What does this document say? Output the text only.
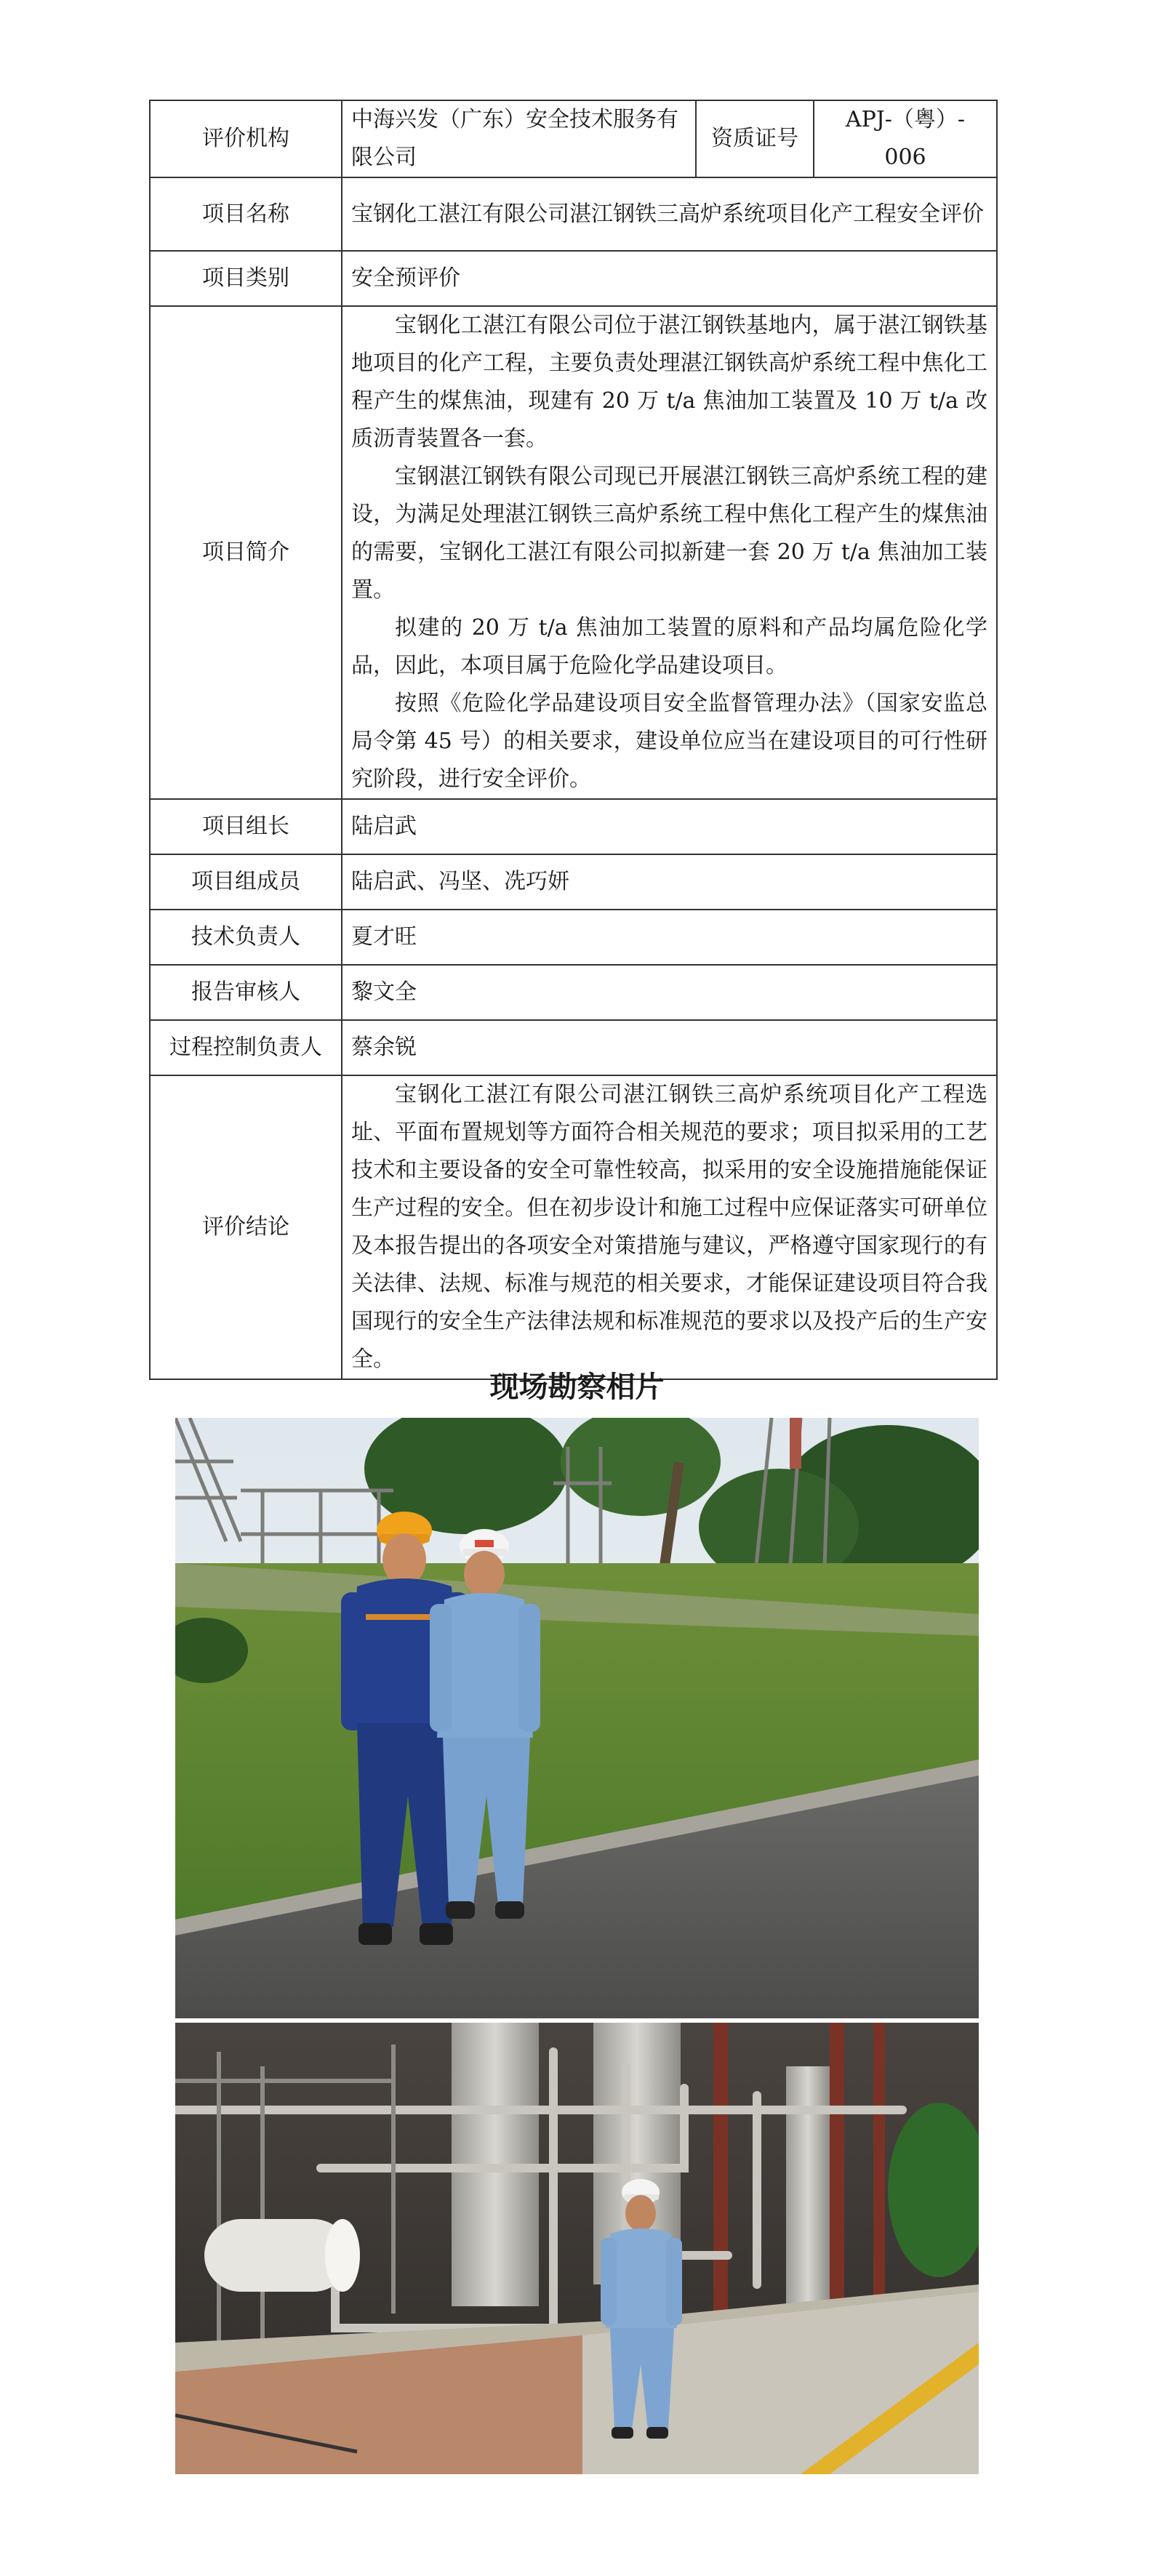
评价机构	中海兴发（广东）安全技术服务有限公司	资质证号	APJ-（粤）- 006
项目名称	宝钢化工湛江有限公司湛江钢铁三高炉系统项目化产工程安全评价		
项目类别	安全预评价		
项目简介	宝钢化工湛江有限公司位于湛江钢铁基地内，属于湛江钢铁基地项目的化产工程，主要负责处理湛江钢铁高炉系统工程中焦化工程产生的煤焦油，现建有 20 万 t/a 焦油加工装置及 10 万 t/a 改质沥青装置各一套。

宝钢湛江钢铁有限公司现已开展湛江钢铁三高炉系统工程的建设，为满足处理湛江钢铁三高炉系统工程中焦化工程产生的煤焦油的需要，宝钢化工湛江有限公司拟新建一套 20 万 t/a 焦油加工装置。

拟建的 20 万 t/a 焦油加工装置的原料和产品均属危险化学品，因此，本项目属于危险化学品建设项目。

按照《危险化学品建设项目安全监督管理办法》（国家安监总局令第 45 号）的相关要求，建设单位应当在建设项目的可行性研究阶段，进行安全评价。		

项目组长	陆启武		
项目组成员	陆启武、冯坚、冼巧妍		
技术负责人	夏才旺		
报告审核人	黎文全		
过程控制负责人	蔡余锐		
评价结论	宝钢化工湛江有限公司湛江钢铁三高炉系统项目化产工程选址、平面布置规划等方面符合相关规范的要求；项目拟采用的工艺技术和主要设备的安全可靠性较高，拟采用的安全设施措施能保证生产过程的安全。但在初步设计和施工过程中应保证落实可研单位及本报告提出的各项安全对策措施与建议，严格遵守国家现行的有关法律、法规、标准与规范的相关要求，才能保证建设项目符合我国现行的安全生产法律法规和标准规范的要求以及投产后的生产安全。		

现场勘察相片
